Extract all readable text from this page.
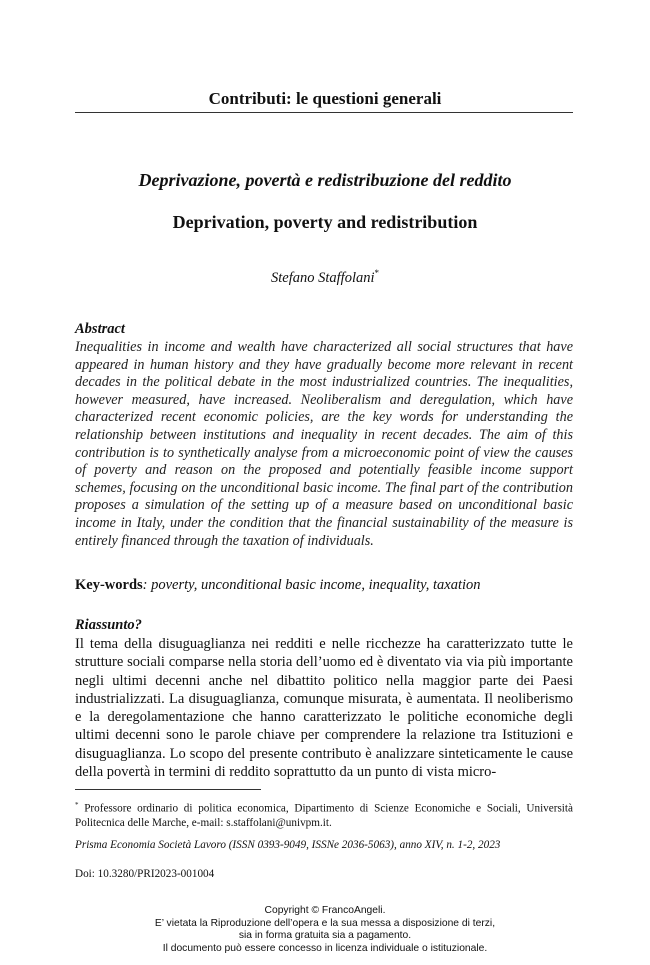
Contributi: le questioni generali
Deprivazione, povertà e redistribuzione del reddito
Deprivation, poverty and redistribution
Stefano Staffolani*
Abstract
Inequalities in income and wealth have characterized all social structures that have appeared in human history and they have gradually become more relevant in recent decades in the political debate in the most industrialized countries. The inequalities, however measured, have increased. Neoliberalism and deregulation, which have characterized recent economic policies, are the key words for understanding the relationship between institutions and inequality in recent decades. The aim of this contribution is to synthetically analyse from a microeconomic point of view the causes of poverty and reason on the proposed and potentially feasible income support schemes, focusing on the unconditional basic income. The final part of the contribution proposes a simulation of the setting up of a measure based on unconditional basic income in Italy, under the condition that the financial sustainability of the measure is entirely financed through the taxation of individuals.
Key-words: poverty, unconditional basic income, inequality, taxation
Riassunto?
Il tema della disuguaglianza nei redditi e nelle ricchezze ha caratterizzato tutte le strutture sociali comparse nella storia dell’uomo ed è diventato via via più importante negli ultimi decenni anche nel dibattito politico nella maggior parte dei Paesi industrializzati. La disuguaglianza, comunque misurata, è aumentata. Il neoliberismo e la deregolamentazione che hanno caratterizzato le politiche economiche degli ultimi decenni sono le parole chiave per comprendere la relazione tra Istituzioni e disuguaglianza. Lo scopo del presente contributo è analizzare sinteticamente le cause della povertà in termini di reddito soprattutto da un punto di vista micro-
* Professore ordinario di politica economica, Dipartimento di Scienze Economiche e Sociali, Università Politecnica delle Marche, e-mail: s.staffolani@univpm.it.
Prisma Economia Società Lavoro (ISSN 0393-9049, ISSNe 2036-5063), anno XIV, n. 1-2, 2023
Doi: 10.3280/PRI2023-001004
Copyright © FrancoAngeli.
E’ vietata la Riproduzione dell’opera e la sua messa a disposizione di terzi,
sia in forma gratuita sia a pagamento.
Il documento può essere concesso in licenza individuale o istituzionale.
